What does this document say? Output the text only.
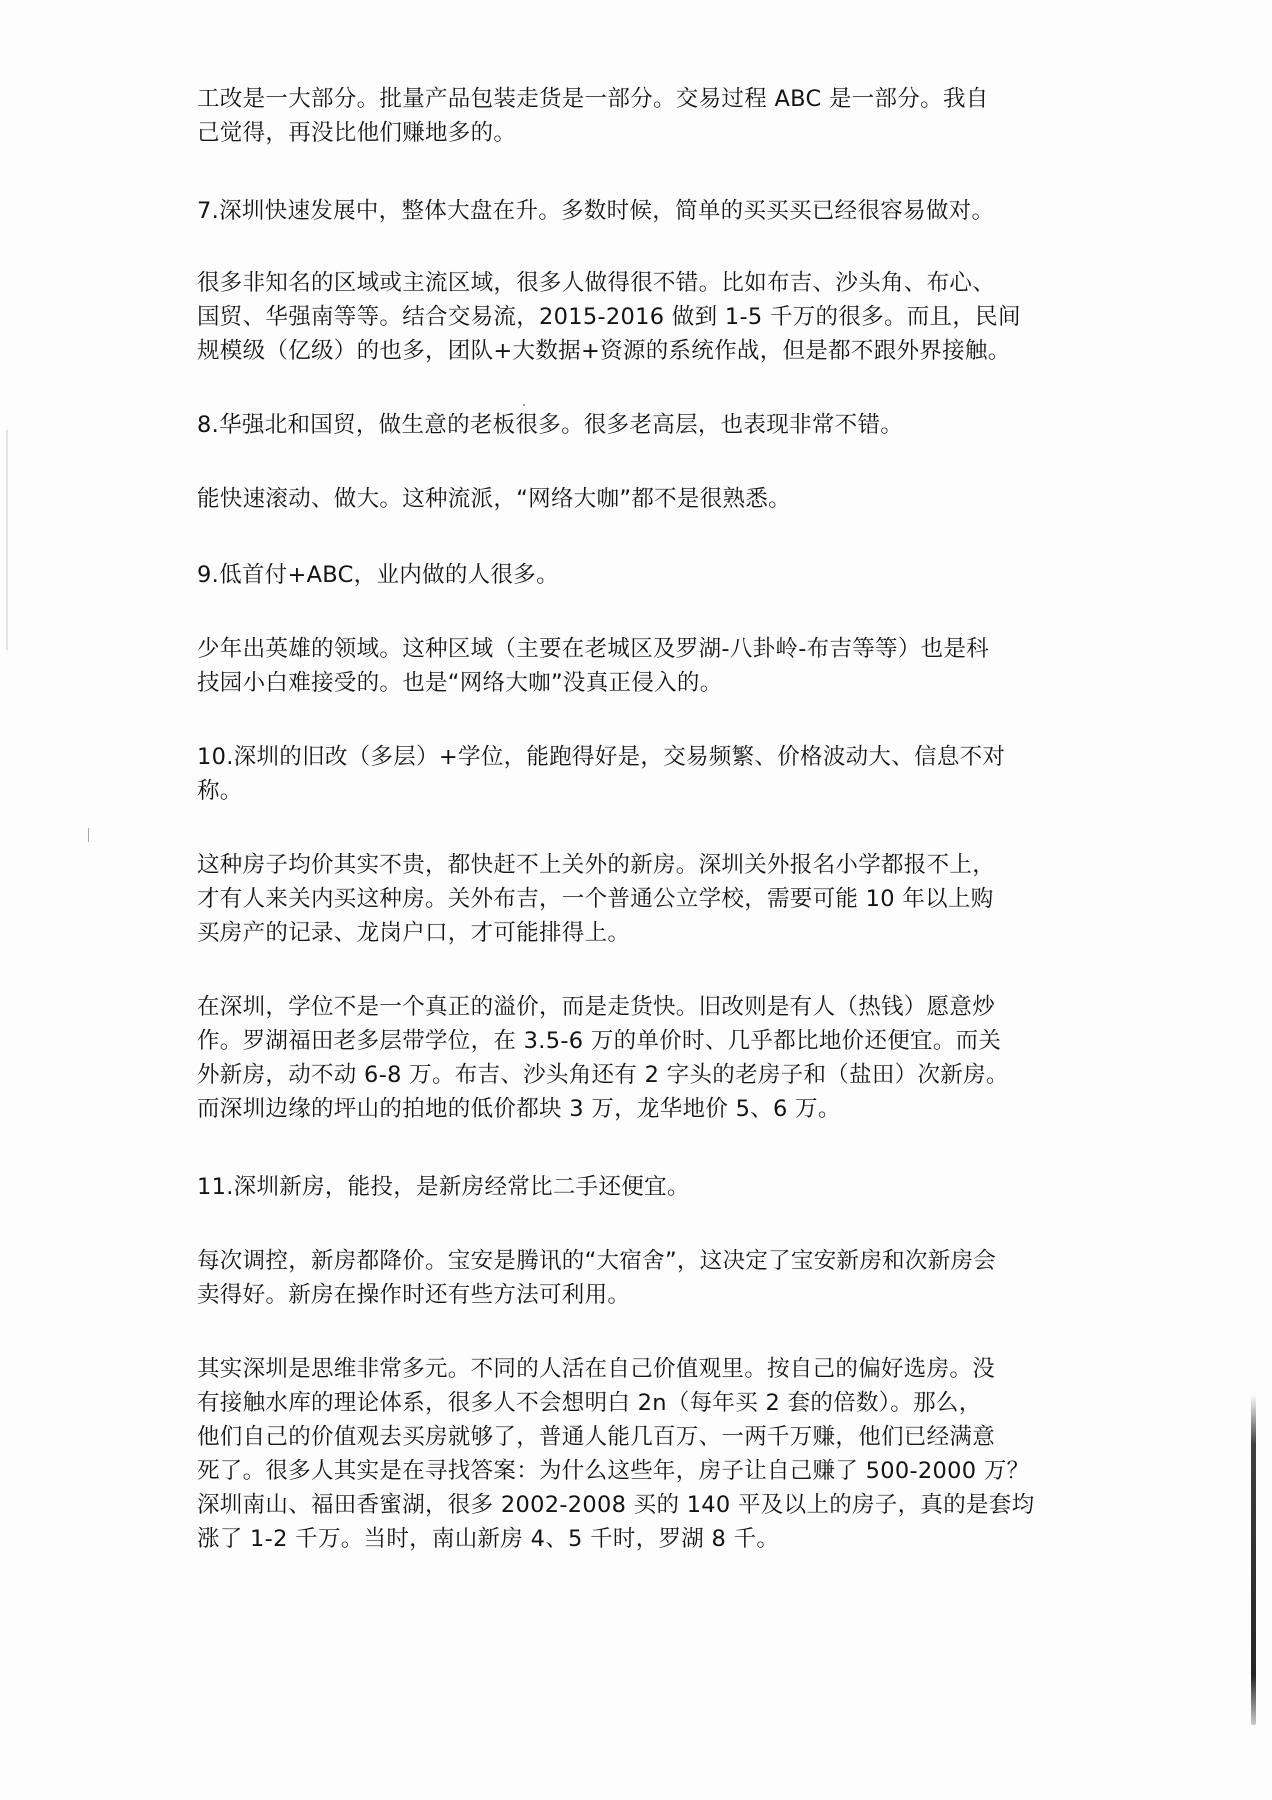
工改是一大部分。批量产品包装走货是一部分。交易过程 ABC 是一部分。我自
己觉得，再没比他们赚地多的。
7.深圳快速发展中，整体大盘在升。多数时候，简单的买买买已经很容易做对。
很多非知名的区域或主流区域，很多人做得很不错。比如布吉、沙头角、布心、
国贸、华强南等等。结合交易流，2015-2016 做到 1-5 千万的很多。而且，民间
规模级（亿级）的也多，团队+大数据+资源的系统作战，但是都不跟外界接触。
8.华强北和国贸，做生意的老板很多。很多老高层，也表现非常不错。
能快速滚动、做大。这种流派，“网络大咖”都不是很熟悉。
9.低首付+ABC，业内做的人很多。
少年出英雄的领域。这种区域（主要在老城区及罗湖-八卦岭-布吉等等）也是科
技园小白难接受的。也是“网络大咖”没真正侵入的。
10.深圳的旧改（多层）+学位，能跑得好是，交易频繁、价格波动大、信息不对
称。
这种房子均价其实不贵，都快赶不上关外的新房。深圳关外报名小学都报不上，
才有人来关内买这种房。关外布吉，一个普通公立学校，需要可能 10 年以上购
买房产的记录、龙岗户口，才可能排得上。
在深圳，学位不是一个真正的溢价，而是走货快。旧改则是有人（热钱）愿意炒
作。罗湖福田老多层带学位，在 3.5-6 万的单价时、几乎都比地价还便宜。而关
外新房，动不动 6-8 万。布吉、沙头角还有 2 字头的老房子和（盐田）次新房。
而深圳边缘的坪山的拍地的低价都块 3 万，龙华地价 5、6 万。
11.深圳新房，能投，是新房经常比二手还便宜。
每次调控，新房都降价。宝安是腾讯的“大宿舍”，这决定了宝安新房和次新房会
卖得好。新房在操作时还有些方法可利用。
其实深圳是思维非常多元。不同的人活在自己价值观里。按自己的偏好选房。没
有接触水库的理论体系，很多人不会想明白 2n（每年买 2 套的倍数）。那么，
他们自己的价值观去买房就够了，普通人能几百万、一两千万赚，他们已经满意
死了。很多人其实是在寻找答案：为什么这些年，房子让自己赚了 500-2000 万？
深圳南山、福田香蜜湖，很多 2002-2008 买的 140 平及以上的房子，真的是套均
涨了 1-2 千万。当时，南山新房 4、5 千时，罗湖 8 千。
